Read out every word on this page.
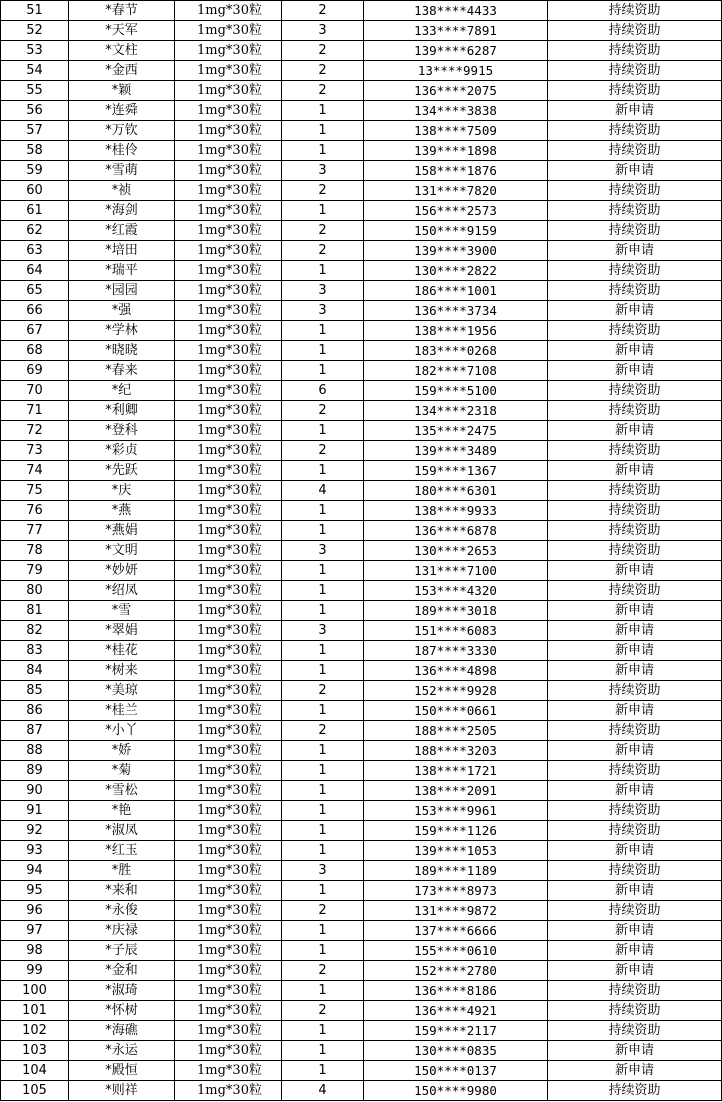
51	*春节	1mg*30粒	2	138****4433	持续资助
52	*天军	1mg*30粒	3	133****7891	持续资助
53	*文柱	1mg*30粒	2	139****6287	持续资助
54	*金西	1mg*30粒	2	13****9915	持续资助
55	*颖	1mg*30粒	2	136****2075	持续资助
56	*连舜	1mg*30粒	1	134****3838	新申请
57	*万钦	1mg*30粒	1	138****7509	持续资助
58	*桂伶	1mg*30粒	1	139****1898	持续资助
59	*雪萌	1mg*30粒	3	158****1876	新申请
60	*祯	1mg*30粒	2	131****7820	持续资助
61	*海剑	1mg*30粒	1	156****2573	持续资助
62	*红霞	1mg*30粒	2	150****9159	持续资助
63	*培田	1mg*30粒	2	139****3900	新申请
64	*瑞平	1mg*30粒	1	130****2822	持续资助
65	*园园	1mg*30粒	3	186****1001	持续资助
66	*强	1mg*30粒	3	136****3734	新申请
67	*学林	1mg*30粒	1	138****1956	持续资助
68	*晓晓	1mg*30粒	1	183****0268	新申请
69	*春来	1mg*30粒	1	182****7108	新申请
70	*纪	1mg*30粒	6	159****5100	持续资助
71	*利卿	1mg*30粒	2	134****2318	持续资助
72	*登科	1mg*30粒	1	135****2475	新申请
73	*彩贞	1mg*30粒	2	139****3489	持续资助
74	*先跃	1mg*30粒	1	159****1367	新申请
75	*庆	1mg*30粒	4	180****6301	持续资助
76	*燕	1mg*30粒	1	138****9933	持续资助
77	*燕娟	1mg*30粒	1	136****6878	持续资助
78	*文明	1mg*30粒	3	130****2653	持续资助
79	*妙妍	1mg*30粒	1	131****7100	新申请
80	*绍凤	1mg*30粒	1	153****4320	持续资助
81	*雪	1mg*30粒	1	189****3018	新申请
82	*翠娟	1mg*30粒	3	151****6083	新申请
83	*桂花	1mg*30粒	1	187****3330	新申请
84	*树来	1mg*30粒	1	136****4898	新申请
85	*美琼	1mg*30粒	2	152****9928	持续资助
86	*桂兰	1mg*30粒	1	150****0661	新申请
87	*小丫	1mg*30粒	2	188****2505	持续资助
88	*娇	1mg*30粒	1	188****3203	新申请
89	*菊	1mg*30粒	1	138****1721	持续资助
90	*雪松	1mg*30粒	1	138****2091	新申请
91	*艳	1mg*30粒	1	153****9961	持续资助
92	*淑凤	1mg*30粒	1	159****1126	持续资助
93	*红玉	1mg*30粒	1	139****1053	新申请
94	*胜	1mg*30粒	3	189****1189	持续资助
95	*来和	1mg*30粒	1	173****8973	新申请
96	*永俊	1mg*30粒	2	131****9872	持续资助
97	*庆禄	1mg*30粒	1	137****6666	新申请
98	*子辰	1mg*30粒	1	155****0610	新申请
99	*金和	1mg*30粒	2	152****2780	新申请
100	*淑琦	1mg*30粒	1	136****8186	持续资助
101	*怀树	1mg*30粒	2	136****4921	持续资助
102	*海礁	1mg*30粒	1	159****2117	持续资助
103	*永运	1mg*30粒	1	130****0835	新申请
104	*殿恒	1mg*30粒	1	150****0137	新申请
105	*则祥	1mg*30粒	4	150****9980	持续资助
